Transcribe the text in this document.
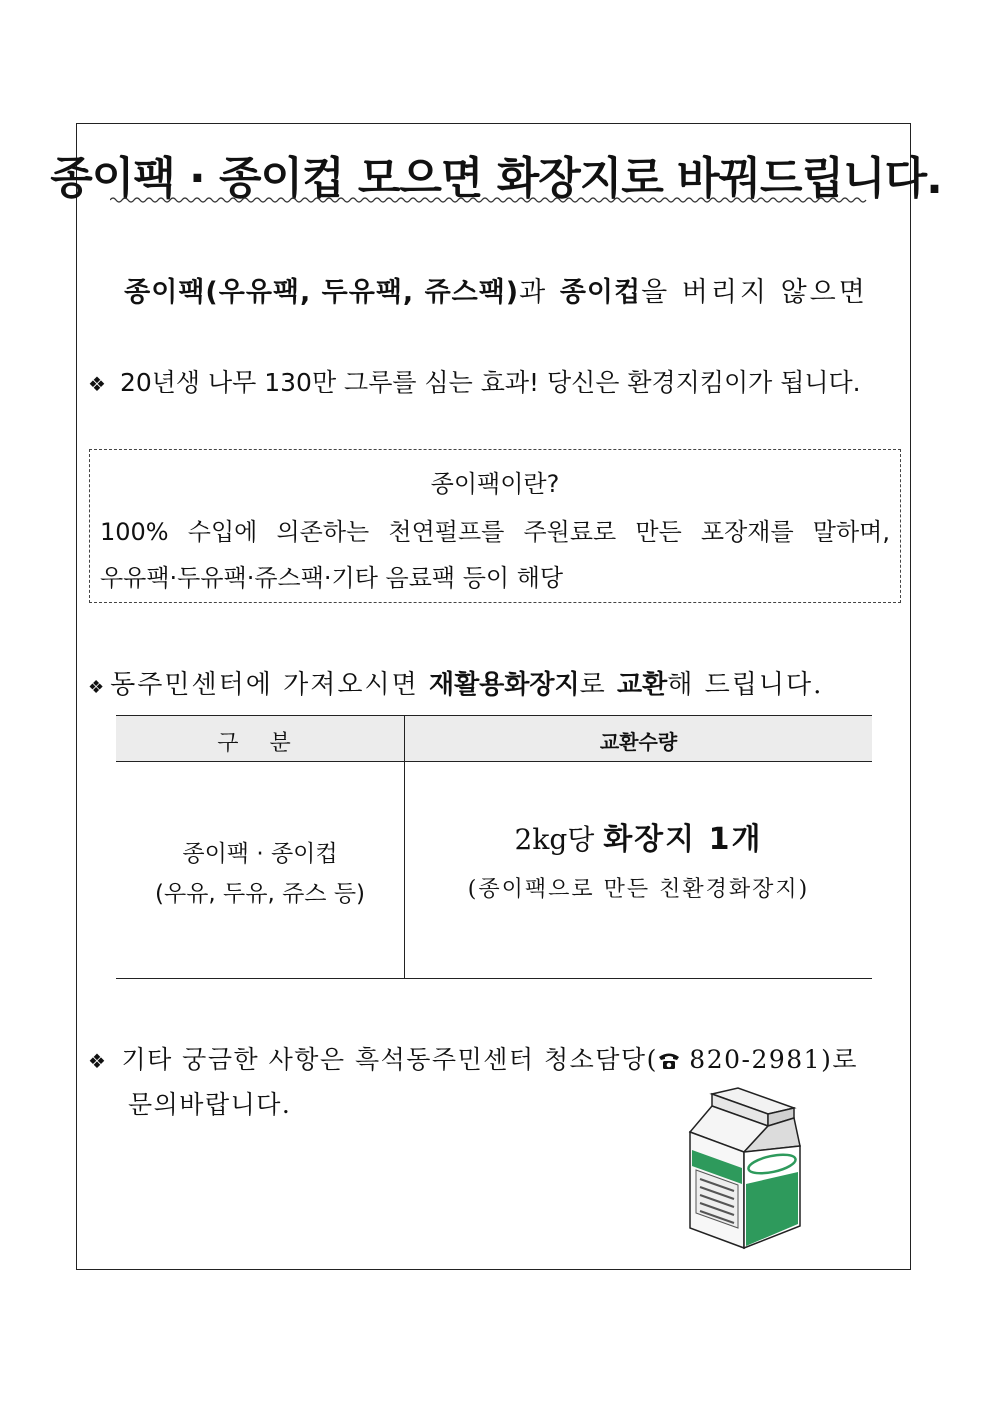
종이팩 · 종이컵 모으면 화장지로 바꿔드립니다.
종이팩(우유팩, 두유팩, 쥬스팩)과 종이컵을 버리지 않으면
❖ 20년생 나무 130만 그루를 심는 효과! 당신은 환경지킴이가 됩니다.
종이팩이란?
100% 수입에 의존하는 천연펄프를 주원료로 만든 포장재를 말하며,
우유팩·두유팩·쥬스팩·기타 음료팩 등이 해당
❖ 동주민센터에 가져오시면 재활용화장지로 교환해 드립니다.
구 분	교환수량
종이팩 · 종이컵
(우유, 두유, 쥬스 등)
2kg당 화장지 1개
(종이팩으로 만든 친환경화장지)
❖ 기타 궁금한 사항은 흑석동주민센터 청소담당( 820-2981)로
문의바랍니다.
